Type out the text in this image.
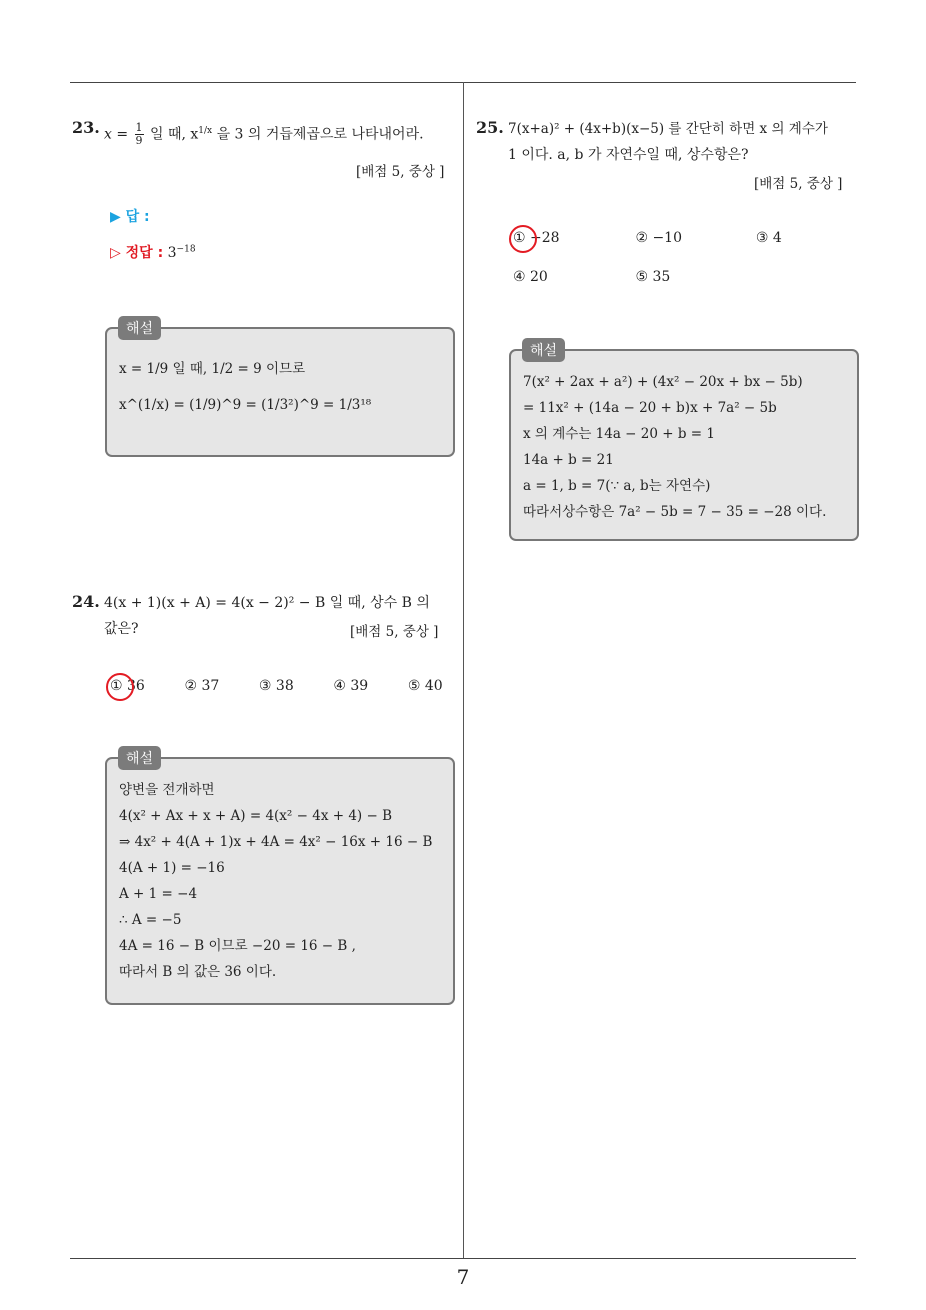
23. $x = \frac{1}{9}$ 일 때, $x^{1/x}$ 을 3 의 거듭제곱으로 나타내어라.
[배점 5, 중상 ]
▶ 답 :
▷ 정답 : $3^{-18}$
x = 1/9 일 때, 1/2 = 9 이므로
x^(1/x) = (1/9)^9 = (1/3²)^9 = 1/3¹⁸
해설
24. 4(x + 1)(x + A) = 4(x − 2)² − B 일 때, 상수 B 의
값은?	[배점 5, 중상 ]
① 36	② 37	③ 38	④ 39	⑤ 40
양변을 전개하면
4(x² + Ax + x + A) = 4(x² − 4x + 4) − B
⇒ 4x² + 4(A + 1)x + 4A = 4x² − 16x + 16 − B
4(A + 1) = −16
A + 1 = −4
∴ A = −5
4A = 16 − B 이므로 −20 = 16 − B ,
따라서 B 의 값은 36 이다.
해설
25. 7(x+a)² + (4x+b)(x−5) 를 간단히 하면 x 의 계수가
1 이다. a, b 가 자연수일 때, 상수항은?
[배점 5, 중상 ]
① −28	② −10	③ 4
④ 20	⑤ 35
7(x² + 2ax + a²) + (4x² − 20x + bx − 5b)
= 11x² + (14a − 20 + b)x + 7a² − 5b
x 의 계수는 14a − 20 + b = 1
14a + b = 21
a = 1, b = 7(∵ a, b는 자연수)
따라서상수항은 7a² − 5b = 7 − 35 = −28 이다.
해설
7
